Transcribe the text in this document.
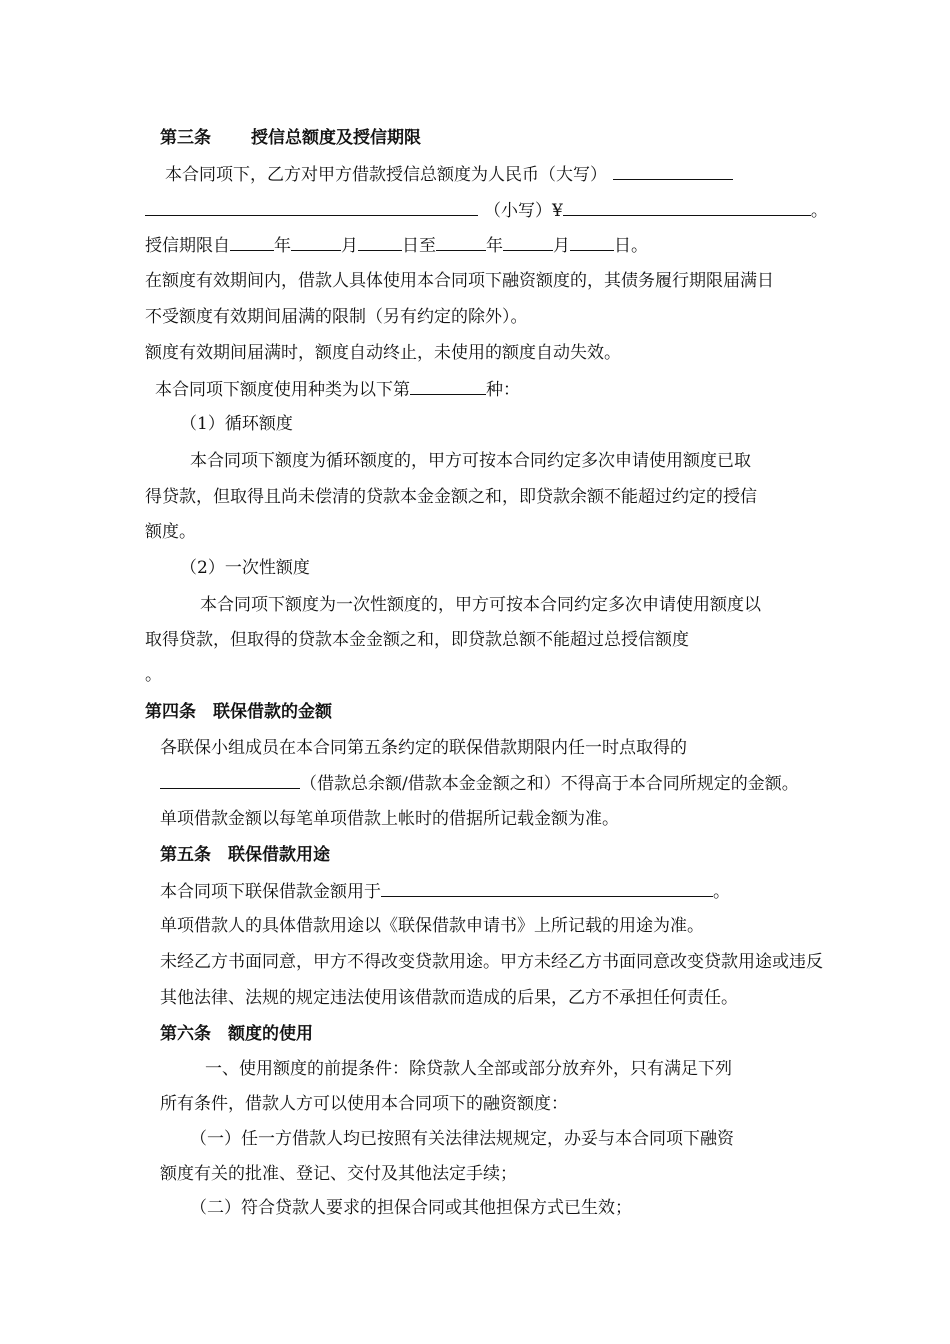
第三条 授信总额度及授信期限
本合同项下，乙方对甲方借款授信总额度为人民币（大写）
（小写）¥	。
授信期限自	年	月	日至	年	月	日。
在额度有效期间内，借款人具体使用本合同项下融资额度的，其债务履行期限届满日
不受额度有效期间届满的限制（另有约定的除外）。
额度有效期间届满时，额度自动终止，未使用的额度自动失效。
本合同项下额度使用种类为以下第	种：
（1）循环额度
本合同项下额度为循环额度的，甲方可按本合同约定多次申请使用额度已取
得贷款，但取得且尚未偿清的贷款本金金额之和，即贷款余额不能超过约定的授信
额度。
（2）一次性额度
本合同项下额度为一次性额度的，甲方可按本合同约定多次申请使用额度以
取得贷款，但取得的贷款本金金额之和，即贷款总额不能超过总授信额度
。
第四条　联保借款的金额
各联保小组成员在本合同第五条约定的联保借款期限内任一时点取得的
（借款总余额/借款本金金额之和）不得高于本合同所规定的金额。
单项借款金额以每笔单项借款上帐时的借据所记载金额为准。
第五条　联保借款用途
本合同项下联保借款金额用于	。
单项借款人的具体借款用途以《联保借款申请书》上所记载的用途为准。
未经乙方书面同意，甲方不得改变贷款用途。甲方未经乙方书面同意改变贷款用途或违反
其他法律、法规的规定违法使用该借款而造成的后果，乙方不承担任何责任。
第六条　额度的使用
一、使用额度的前提条件：除贷款人全部或部分放弃外，只有满足下列
所有条件，借款人方可以使用本合同项下的融资额度：
（一）任一方借款人均已按照有关法律法规规定，办妥与本合同项下融资
额度有关的批准、登记、交付及其他法定手续；
（二）符合贷款人要求的担保合同或其他担保方式已生效；
